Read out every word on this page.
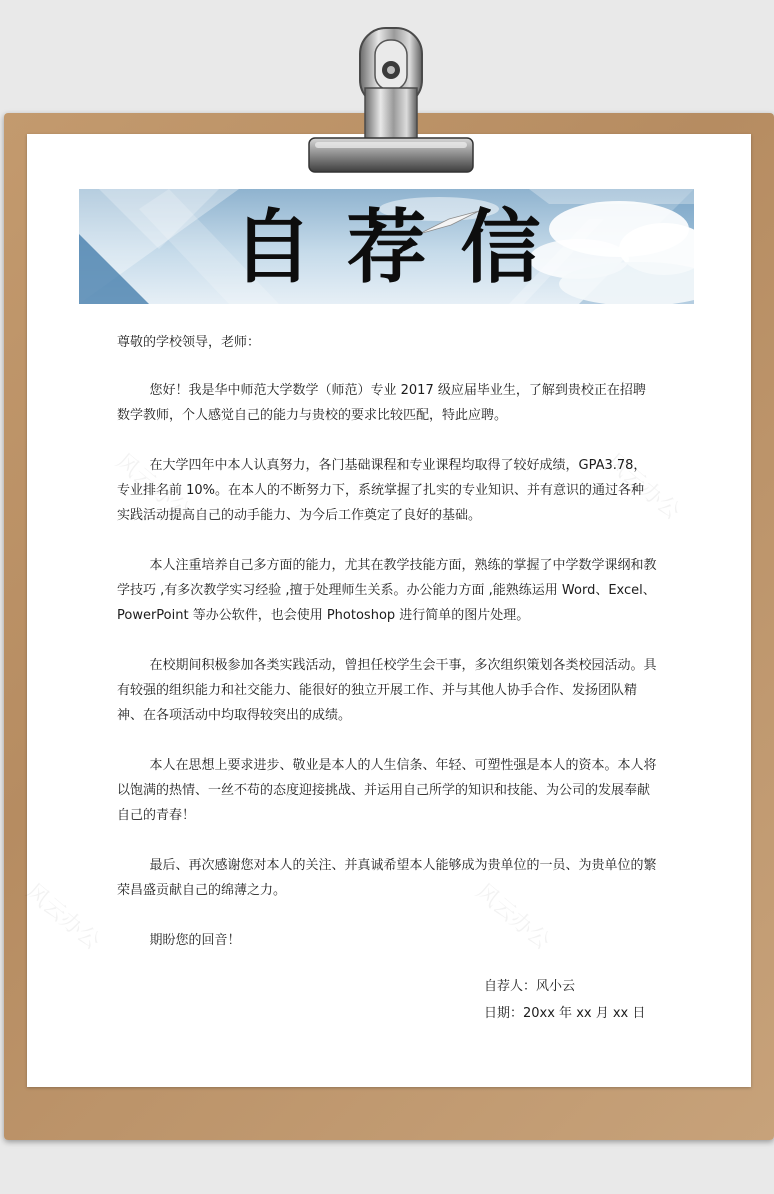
风云办公	风云办公
风云办公	风云办公
自荐信

尊敬的学校领导，老师：

您好！我是华中师范大学数学（师范）专业 2017 级应届毕业生，了解到贵校正在招聘数学教师，个人感觉自己的能力与贵校的要求比较匹配，特此应聘。

在大学四年中本人认真努力，各门基础课程和专业课程均取得了较好成绩，GPA3.78，专业排名前 10%。在本人的不断努力下，系统掌握了扎实的专业知识、并有意识的通过各种实践活动提高自己的动手能力、为今后工作奠定了良好的基础。

本人注重培养自己多方面的能力，尤其在教学技能方面，熟练的掌握了中学数学课纲和教学技巧 ,有多次教学实习经验 ,擅于处理师生关系。办公能力方面 ,能熟练运用 Word、Excel、PowerPoint 等办公软件，也会使用 Photoshop 进行简单的图片处理。

在校期间积极参加各类实践活动，曾担任校学生会干事，多次组织策划各类校园活动。具有较强的组织能力和社交能力、能很好的独立开展工作、并与其他人协手合作、发扬团队精神、在各项活动中均取得较突出的成绩。

本人在思想上要求进步、敬业是本人的人生信条、年轻、可塑性强是本人的资本。本人将以饱满的热情、一丝不苟的态度迎接挑战、并运用自己所学的知识和技能、为公司的发展奉献自己的青春！

最后、再次感谢您对本人的关注、并真诚希望本人能够成为贵单位的一员、为贵单位的繁荣昌盛贡献自己的绵薄之力。

期盼您的回音！

自荐人：风小云
日期：20xx 年 xx 月 xx 日
